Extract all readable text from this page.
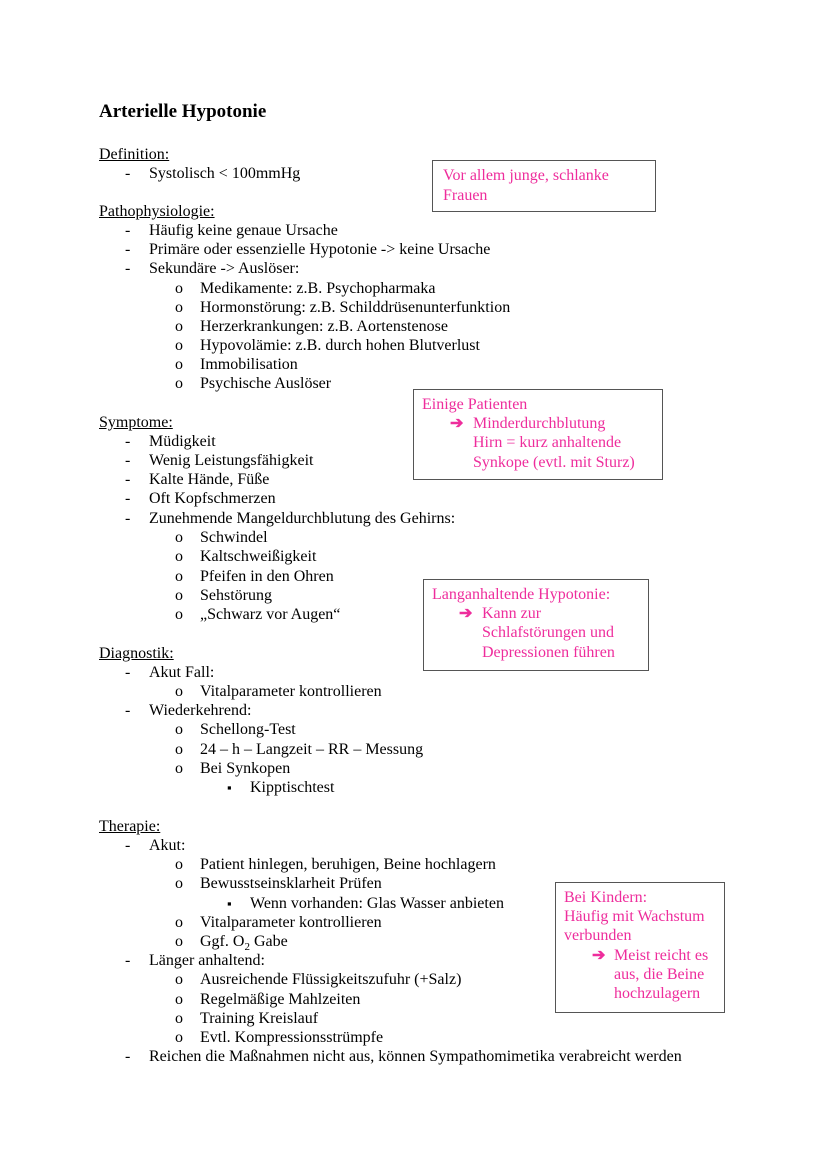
Arterielle Hypotonie
Definition:
- Systolisch < 100mmHg
Pathophysiologie:
- Häufig keine genaue Ursache
- Primäre oder essenzielle Hypotonie -> keine Ursache
- Sekundäre -> Auslöser:
o Medikamente: z.B. Psychopharmaka
o Hormonstörung: z.B. Schilddrüsenunterfunktion
o Herzerkrankungen: z.B. Aortenstenose
o Hypovolämie: z.B. durch hohen Blutverlust
o Immobilisation
o Psychische Auslöser
Symptome:
- Müdigkeit
- Wenig Leistungsfähigkeit
- Kalte Hände, Füße
- Oft Kopfschmerzen
- Zunehmende Mangeldurchblutung des Gehirns:
o Schwindel
o Kaltschweißigkeit
o Pfeifen in den Ohren
o Sehstörung
o „Schwarz vor Augen“
Diagnostik:
- Akut Fall:
o Vitalparameter kontrollieren
- Wiederkehrend:
o Schellong-Test
o 24 – h – Langzeit – RR – Messung
o Bei Synkopen
▪ Kipptischtest
Therapie:
- Akut:
o Patient hinlegen, beruhigen, Beine hochlagern
o Bewusstseinsklarheit Prüfen
▪ Wenn vorhanden: Glas Wasser anbieten
o Vitalparameter kontrollieren
o Ggf. $O_2$ Gabe
- Länger anhaltend:
o Ausreichende Flüssigkeitszufuhr (+Salz)
o Regelmäßige Mahlzeiten
o Training Kreislauf
o Evtl. Kompressionsstrümpfe
- Reichen die Maßnahmen nicht aus, können Sympathomimetika verabreicht werden
Vor allem junge, schlanke
Frauen
Einige Patienten
➔ Minderdurchblutung
Hirn = kurz anhaltende
Synkope (evtl. mit Sturz)
Langanhaltende Hypotonie:
➔ Kann zur
Schlafstörungen und
Depressionen führen
Bei Kindern:
Häufig mit Wachstum
verbunden
➔ Meist reicht es
aus, die Beine
hochzulagern
